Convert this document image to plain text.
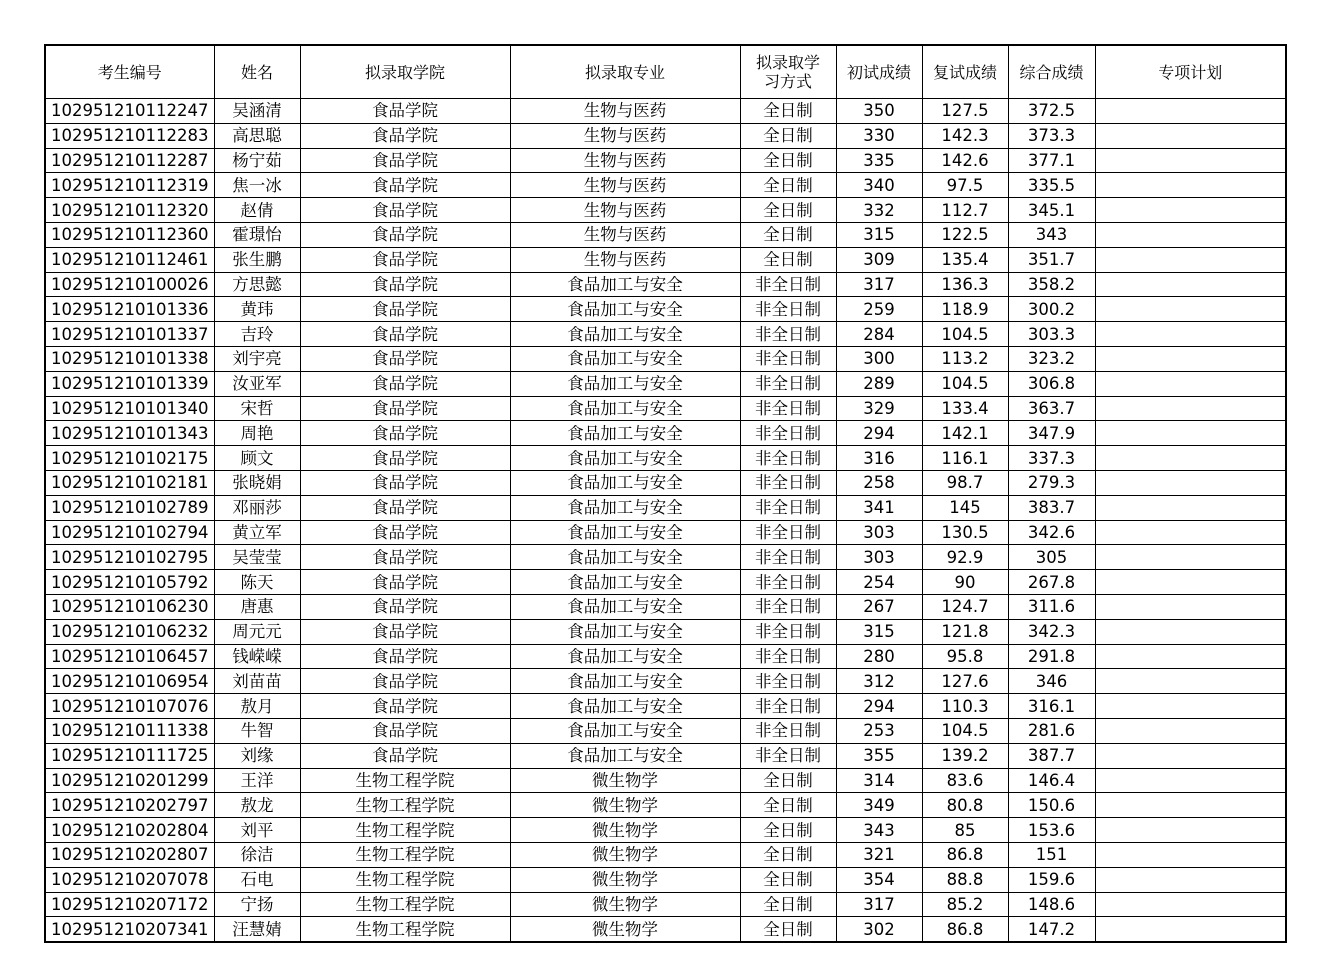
考生编号	姓名	拟录取学院	拟录取专业	拟录取学
习方式	初试成绩	复试成绩	综合成绩	专项计划
102951210112247	吴涵清	食品学院	生物与医药	全日制	350	127.5	372.5	
102951210112283	高思聪	食品学院	生物与医药	全日制	330	142.3	373.3	
102951210112287	杨宁茹	食品学院	生物与医药	全日制	335	142.6	377.1	
102951210112319	焦一冰	食品学院	生物与医药	全日制	340	97.5	335.5	
102951210112320	赵倩	食品学院	生物与医药	全日制	332	112.7	345.1	
102951210112360	霍璟怡	食品学院	生物与医药	全日制	315	122.5	343	
102951210112461	张生鹏	食品学院	生物与医药	全日制	309	135.4	351.7	
102951210100026	方思懿	食品学院	食品加工与安全	非全日制	317	136.3	358.2	
102951210101336	黄玮	食品学院	食品加工与安全	非全日制	259	118.9	300.2	
102951210101337	吉玲	食品学院	食品加工与安全	非全日制	284	104.5	303.3	
102951210101338	刘宇亮	食品学院	食品加工与安全	非全日制	300	113.2	323.2	
102951210101339	汝亚军	食品学院	食品加工与安全	非全日制	289	104.5	306.8	
102951210101340	宋哲	食品学院	食品加工与安全	非全日制	329	133.4	363.7	
102951210101343	周艳	食品学院	食品加工与安全	非全日制	294	142.1	347.9	
102951210102175	顾文	食品学院	食品加工与安全	非全日制	316	116.1	337.3	
102951210102181	张晓娟	食品学院	食品加工与安全	非全日制	258	98.7	279.3	
102951210102789	邓丽莎	食品学院	食品加工与安全	非全日制	341	145	383.7	
102951210102794	黄立军	食品学院	食品加工与安全	非全日制	303	130.5	342.6	
102951210102795	吴莹莹	食品学院	食品加工与安全	非全日制	303	92.9	305	
102951210105792	陈天	食品学院	食品加工与安全	非全日制	254	90	267.8	
102951210106230	唐惠	食品学院	食品加工与安全	非全日制	267	124.7	311.6	
102951210106232	周元元	食品学院	食品加工与安全	非全日制	315	121.8	342.3	
102951210106457	钱嵘嵘	食品学院	食品加工与安全	非全日制	280	95.8	291.8	
102951210106954	刘苗苗	食品学院	食品加工与安全	非全日制	312	127.6	346	
102951210107076	敖月	食品学院	食品加工与安全	非全日制	294	110.3	316.1	
102951210111338	牛智	食品学院	食品加工与安全	非全日制	253	104.5	281.6	
102951210111725	刘缘	食品学院	食品加工与安全	非全日制	355	139.2	387.7	
102951210201299	王洋	生物工程学院	微生物学	全日制	314	83.6	146.4	
102951210202797	敖龙	生物工程学院	微生物学	全日制	349	80.8	150.6	
102951210202804	刘平	生物工程学院	微生物学	全日制	343	85	153.6	
102951210202807	徐洁	生物工程学院	微生物学	全日制	321	86.8	151	
102951210207078	石电	生物工程学院	微生物学	全日制	354	88.8	159.6	
102951210207172	宁扬	生物工程学院	微生物学	全日制	317	85.2	148.6	
102951210207341	汪慧婧	生物工程学院	微生物学	全日制	302	86.8	147.2	
